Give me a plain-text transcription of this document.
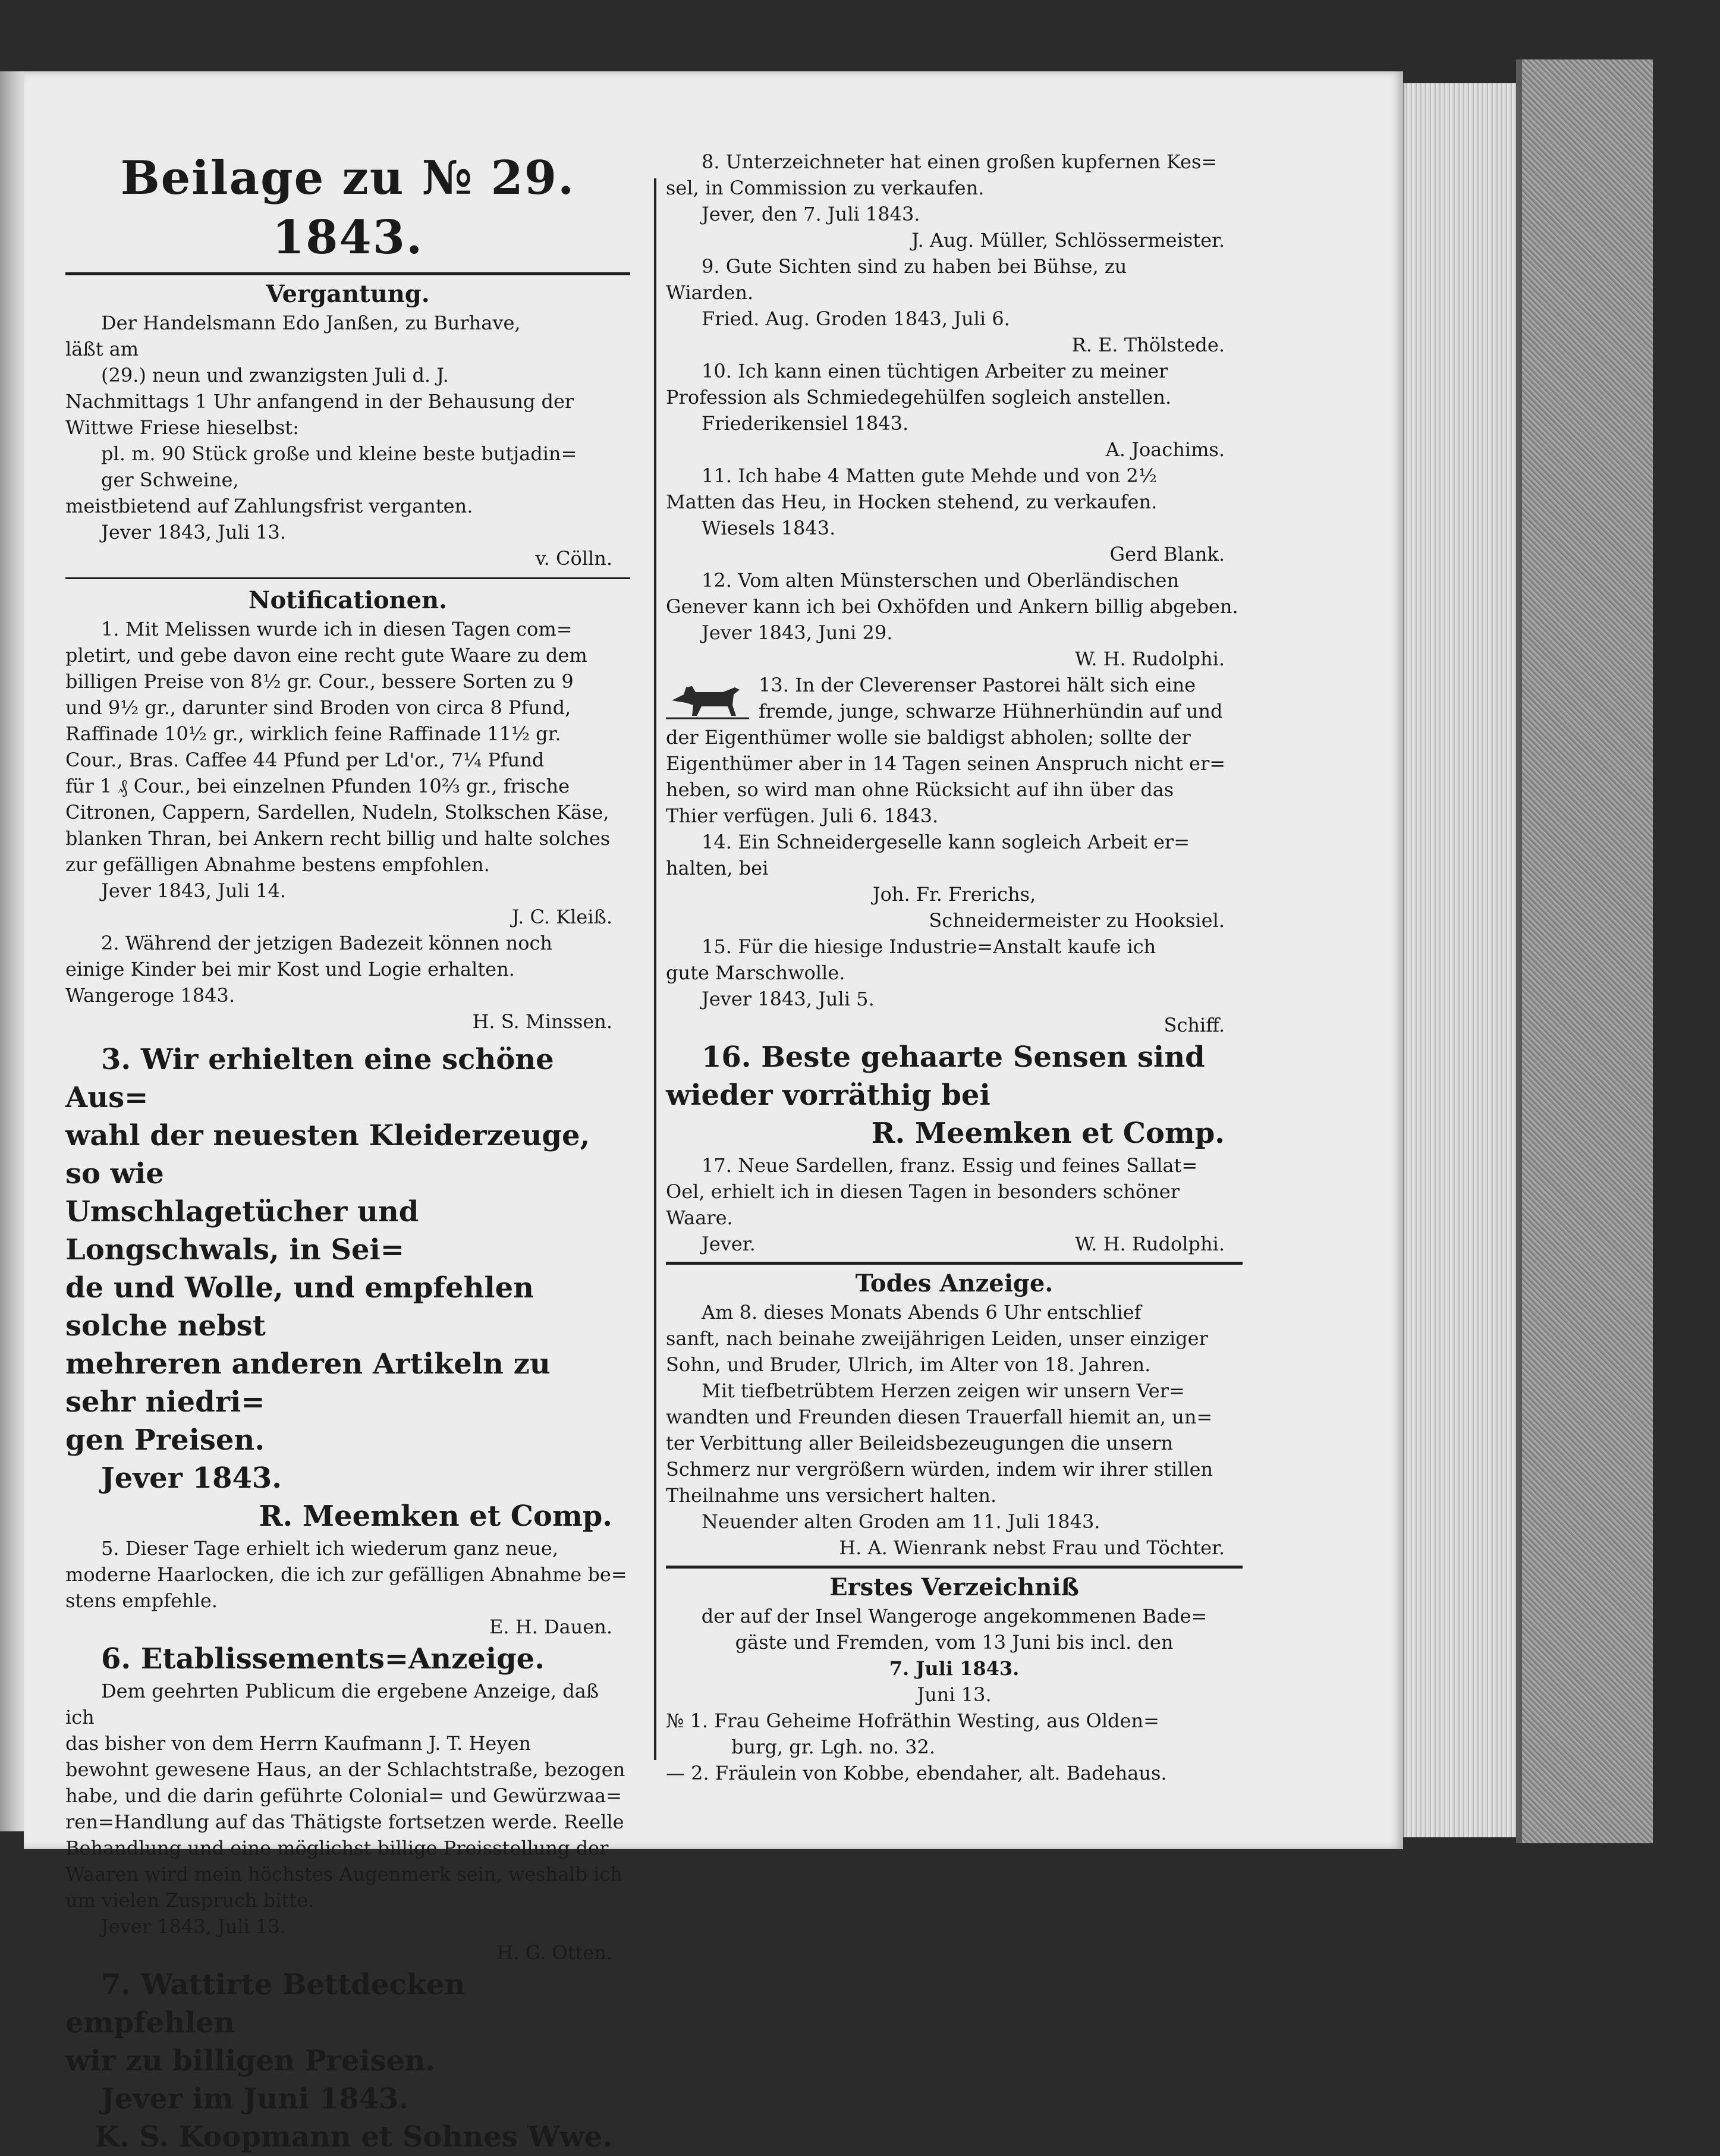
Beilage zu № 29. 1843.
Vergantung.

Der Handelsmann Edo Janßen, zu Burhave,

läßt am

(29.) neun und zwanzigsten Juli d. J.

Nachmittags 1 Uhr anfangend in der Behausung der

Wittwe Friese hieselbst:

pl. m. 90 Stück große und kleine beste butjadin=

ger Schweine,

meistbietend auf Zahlungsfrist verganten.

Jever 1843, Juli 13.

v. Cölln.

Notificationen.

1. Mit Melissen wurde ich in diesen Tagen com=

pletirt, und gebe davon eine recht gute Waare zu dem

billigen Preise von 8½ gr. Cour., bessere Sorten zu 9

und 9½ gr., darunter sind Broden von circa 8 Pfund,

Raffinade 10½ gr., wirklich feine Raffinade 11½ gr.

Cour., Bras. Caffee 44 Pfund per Ld'or., 7¼ Pfund

für 1 ₰ Cour., bei einzelnen Pfunden 10⅔ gr., frische

Citronen, Cappern, Sardellen, Nudeln, Stolkschen Käse,

blanken Thran, bei Ankern recht billig und halte solches

zur gefälligen Abnahme bestens empfohlen.

Jever 1843, Juli 14.

J. C. Kleiß.

2. Während der jetzigen Badezeit können noch

einige Kinder bei mir Kost und Logie erhalten.

Wangeroge 1843.

H. S. Minssen.

3. Wir erhielten eine schöne Aus=

wahl der neuesten Kleiderzeuge, so wie

Umschlagetücher und Longschwals, in Sei=

de und Wolle, und empfehlen solche nebst

mehreren anderen Artikeln zu sehr niedri=

gen Preisen.

Jever 1843.

R. Meemken et Comp.

5. Dieser Tage erhielt ich wiederum ganz neue,

moderne Haarlocken, die ich zur gefälligen Abnahme be=

stens empfehle.

E. H. Dauen.

6. Etablissements=Anzeige.

Dem geehrten Publicum die ergebene Anzeige, daß ich

das bisher von dem Herrn Kaufmann J. T. Heyen

bewohnt gewesene Haus, an der Schlachtstraße, bezogen

habe, und die darin geführte Colonial= und Gewürzwaa=

ren=Handlung auf das Thätigste fortsetzen werde. Reelle

Behandlung und eine möglichst billige Preisstellung der

Waaren wird mein höchstes Augenmerk sein, weshalb ich

um vielen Zuspruch bitte.

Jever 1843, Juli 13.

H. G. Otten.

7. Wattirte Bettdecken empfehlen

wir zu billigen Preisen.

Jever im Juni 1843.

K. S. Koopmann et Sohnes Wwe.

8. Unterzeichneter hat einen großen kupfernen Kes=

sel, in Commission zu verkaufen.

Jever, den 7. Juli 1843.

J. Aug. Müller, Schlössermeister.

9. Gute Sichten sind zu haben bei Bühse, zu

Wiarden.

Fried. Aug. Groden 1843, Juli 6.

R. E. Thölstede.

10. Ich kann einen tüchtigen Arbeiter zu meiner

Profession als Schmiedegehülfen sogleich anstellen.

Friederikensiel 1843.

A. Joachims.

11. Ich habe 4 Matten gute Mehde und von 2½

Matten das Heu, in Hocken stehend, zu verkaufen.

Wiesels 1843.

Gerd Blank.

12. Vom alten Münsterschen und Oberländischen

Genever kann ich bei Oxhöfden und Ankern billig abgeben.

Jever 1843, Juni 29.

W. H. Rudolphi.

13. In der Cleverenser Pastorei hält sich eine

fremde, junge, schwarze Hühnerhündin auf und

der Eigenthümer wolle sie baldigst abholen; sollte der

Eigenthümer aber in 14 Tagen seinen Anspruch nicht er=

heben, so wird man ohne Rücksicht auf ihn über das

Thier verfügen. Juli 6. 1843.

14. Ein Schneidergeselle kann sogleich Arbeit er=

halten, bei

Joh. Fr. Frerichs,

Schneidermeister zu Hooksiel.

15. Für die hiesige Industrie=Anstalt kaufe ich

gute Marschwolle.

Jever 1843, Juli 5.

Schiff.

16. Beste gehaarte Sensen sind

wieder vorräthig bei

R. Meemken et Comp.

17. Neue Sardellen, franz. Essig und feines Sallat=

Oel, erhielt ich in diesen Tagen in besonders schöner

Waare.

Jever.	W. H. Rudolphi.

Todes Anzeige.

Am 8. dieses Monats Abends 6 Uhr entschlief

sanft, nach beinahe zweijährigen Leiden, unser einziger

Sohn, und Bruder, Ulrich, im Alter von 18. Jahren.

Mit tiefbetrübtem Herzen zeigen wir unsern Ver=

wandten und Freunden diesen Trauerfall hiemit an, un=

ter Verbittung aller Beileidsbezeugungen die unsern

Schmerz nur vergrößern würden, indem wir ihrer stillen

Theilnahme uns versichert halten.

Neuender alten Groden am 11. Juli 1843.

H. A. Wienrank nebst Frau und Töchter.

Erstes Verzeichniß

der auf der Insel Wangeroge angekommenen Bade=

gäste und Fremden, vom 13 Juni bis incl. den

7. Juli 1843.

Juni 13.

№ 1. Frau Geheime Hofräthin Westing, aus Olden=

burg, gr. Lgh. no. 32.

— 2. Fräulein von Kobbe, ebendaher, alt. Badehaus.
